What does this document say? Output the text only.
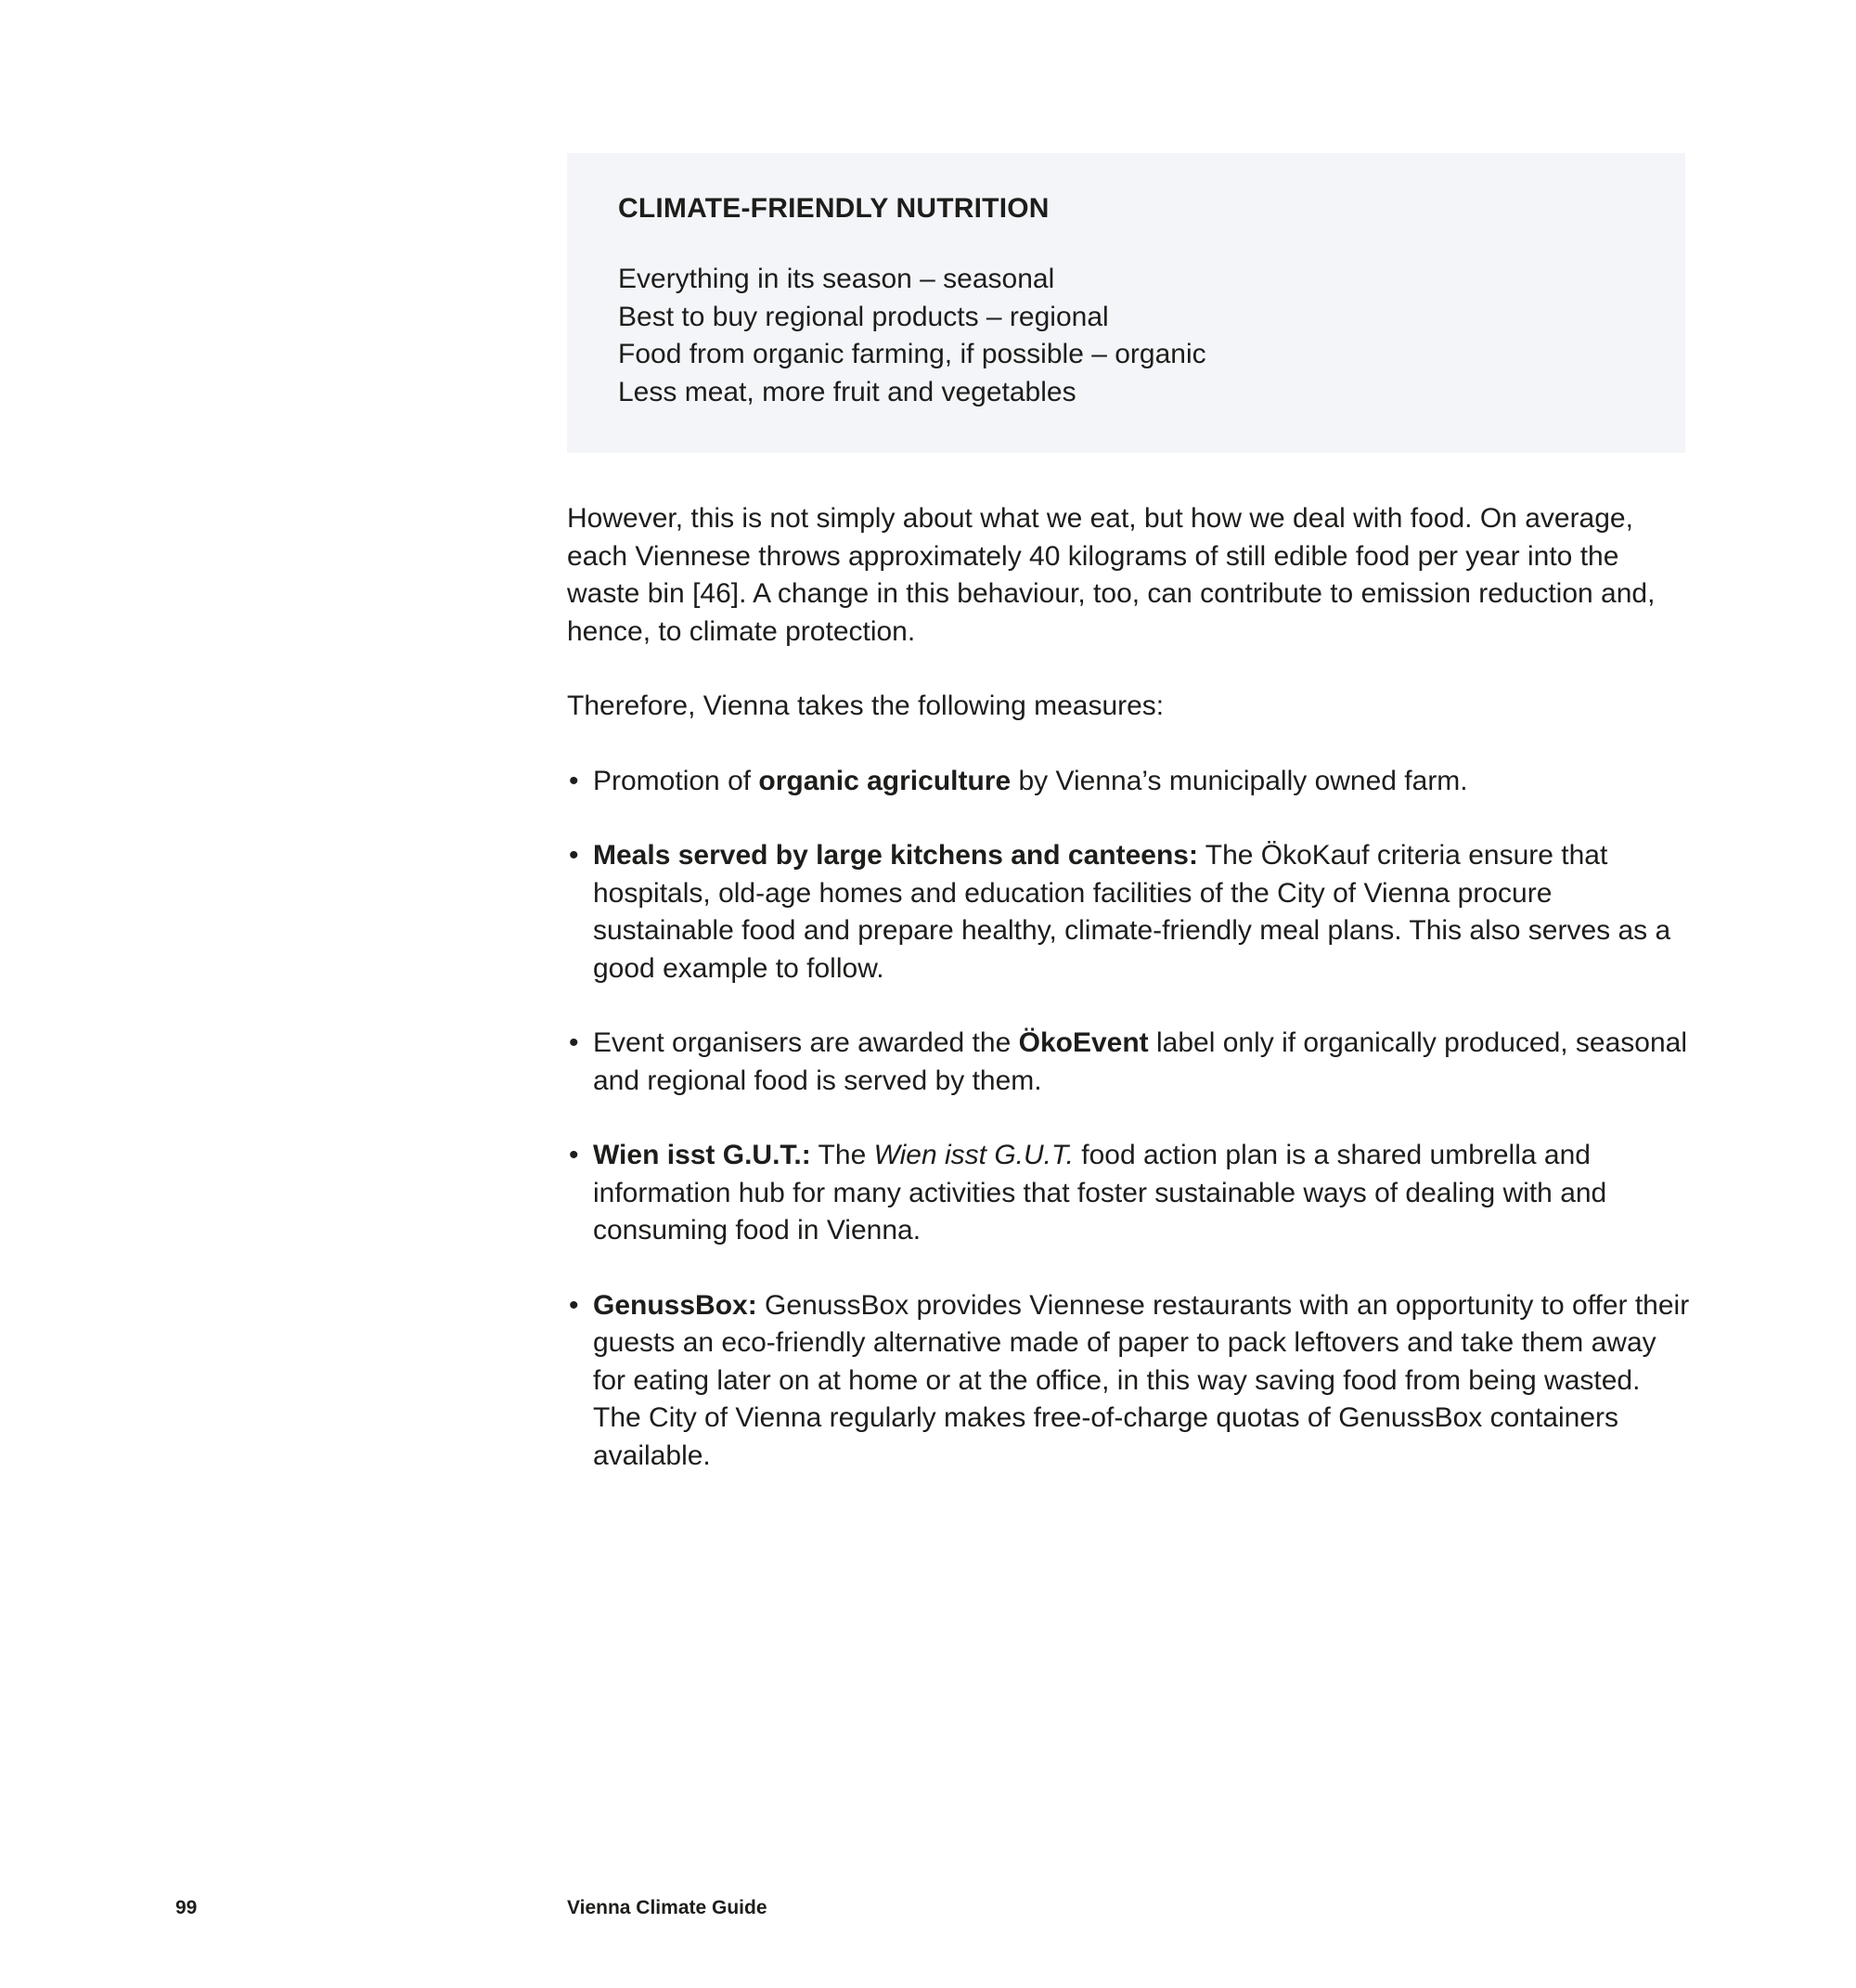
CLIMATE-FRIENDLY NUTRITION
Everything in its season – seasonal
Best to buy regional products – regional
Food from organic farming, if possible – organic
Less meat, more fruit and vegetables

However, this is not simply about what we eat, but how we deal with food. On average, each Viennese throws approximately 40 kilograms of still edible food per year into the waste bin [46]. A change in this behaviour, too, can contribute to emission reduction and, hence, to climate protection.

Therefore, Vienna takes the following measures:

• Promotion of organic agriculture by Vienna’s municipally owned farm.
• Meals served by large kitchens and canteens: The ÖkoKauf criteria ensure that hospitals, old-age homes and education facilities of the City of Vienna procure sustainable food and prepare healthy, climate-friendly meal plans. This also serves as a good example to follow.
• Event organisers are awarded the ÖkoEvent label only if organically produced, seasonal and regional food is served by them.
• Wien isst G.U.T.: The Wien isst G.U.T. food action plan is a shared umbrella and information hub for many activities that foster sustainable ways of dealing with and consuming food in Vienna.
• GenussBox: GenussBox provides Viennese restaurants with an opportunity to offer their guests an eco-friendly alternative made of paper to pack leftovers and take them away for eating later on at home or at the office, in this way saving food from being wasted. The City of Vienna regularly makes free-of-charge quotas of GenussBox containers available.
99	Vienna Climate Guide
